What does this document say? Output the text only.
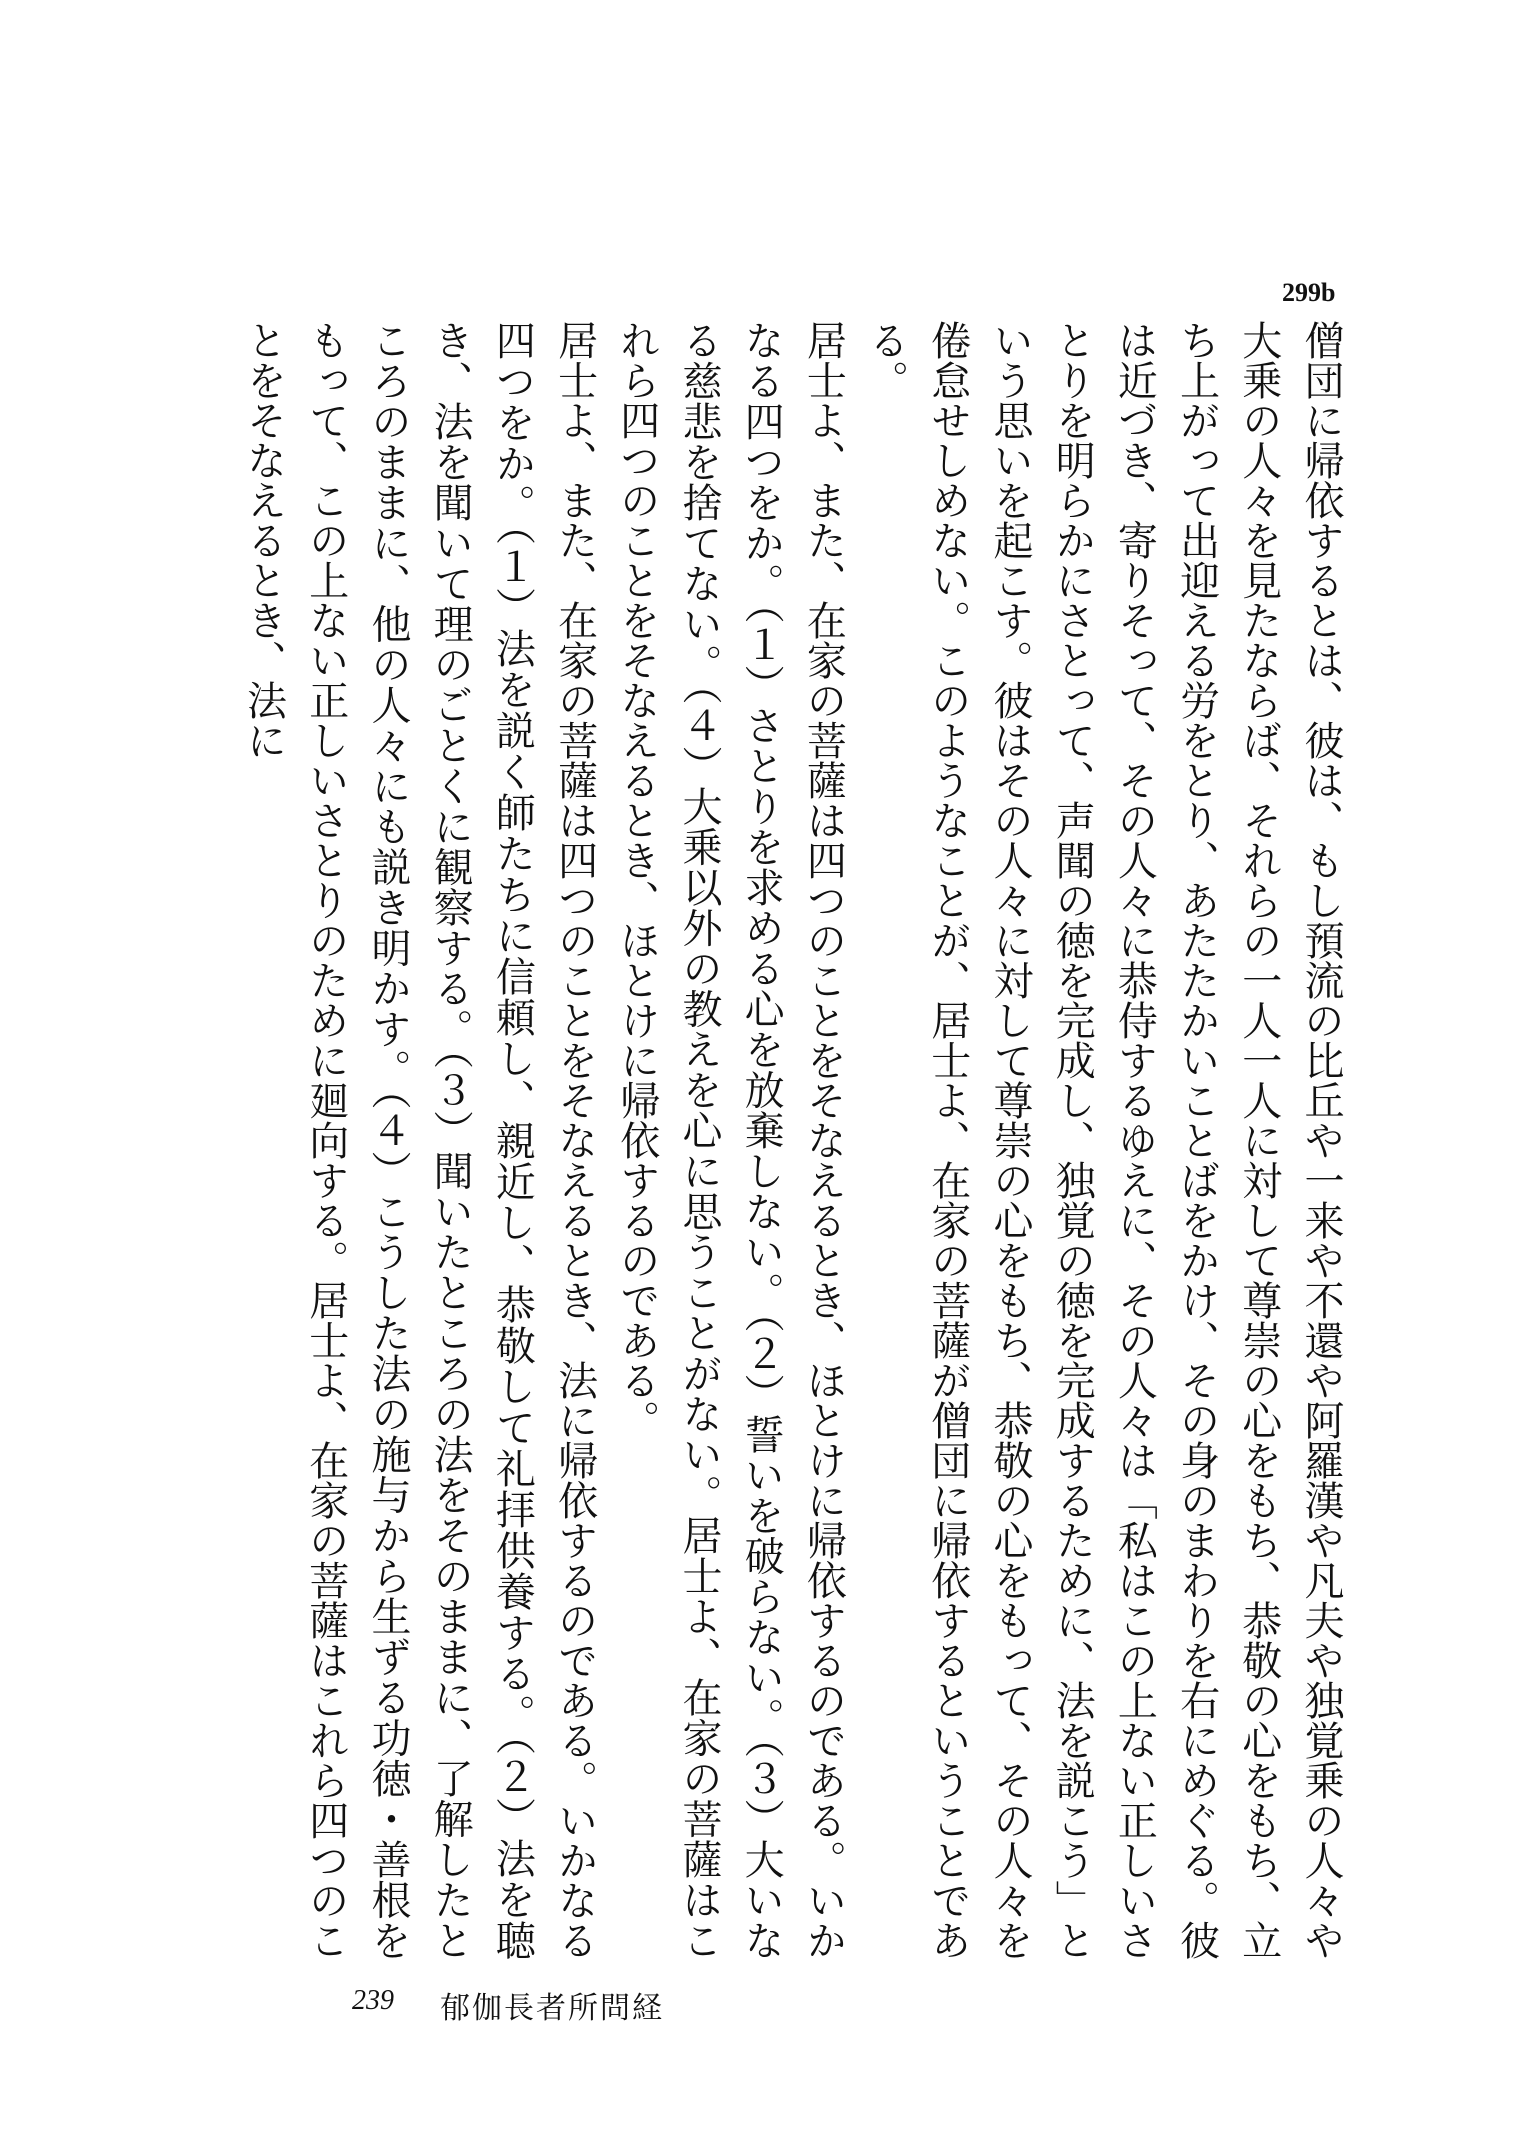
299b

僧団に帰依するとは、彼は、もし預流の比丘や一来や不還や阿羅漢や凡夫や独覚乗の人々や大乗の人々を見たならば、それらの一人一人に対して尊崇の心をもち、恭敬の心をもち、立ち上がって出迎える労をとり、あたたかいことばをかけ、その身のまわりを右にめぐる。彼は近づき、寄りそって、その人々に恭侍するゆえに、その人々は「私はこの上ない正しいさとりを明らかにさとって、声聞の徳を完成し、独覚の徳を完成するために、法を説こう」という思いを起こす。彼はその人々に対して尊崇の心をもち、恭敬の心をもって、その人々を倦怠せしめない。このようなことが、居士よ、在家の菩薩が僧団に帰依するということである。

居士よ、また、在家の菩薩は四つのことをそなえるとき、ほとけに帰依するのである。いかなる四つをか。（１）さとりを求める心を放棄しない。（２）誓いを破らない。（３）大いなる慈悲を捨てない。（４）大乗以外の教えを心に思うことがない。居士よ、在家の菩薩はこれら四つのことをそなえるとき、ほとけに帰依するのである。

居士よ、また、在家の菩薩は四つのことをそなえるとき、法に帰依するのである。いかなる四つをか。（１）法を説く師たちに信頼し、親近し、恭敬して礼拝供養する。（２）法を聴き、法を聞いて理のごとくに観察する。（３）聞いたところの法をそのままに、了解したところのままに、他の人々にも説き明かす。（４）こうした法の施与から生ずる功徳・善根をもって、この上ない正しいさとりのために廻向する。居士よ、在家の菩薩はこれら四つのことをそなえるとき、法に

239 郁伽長者所問経
